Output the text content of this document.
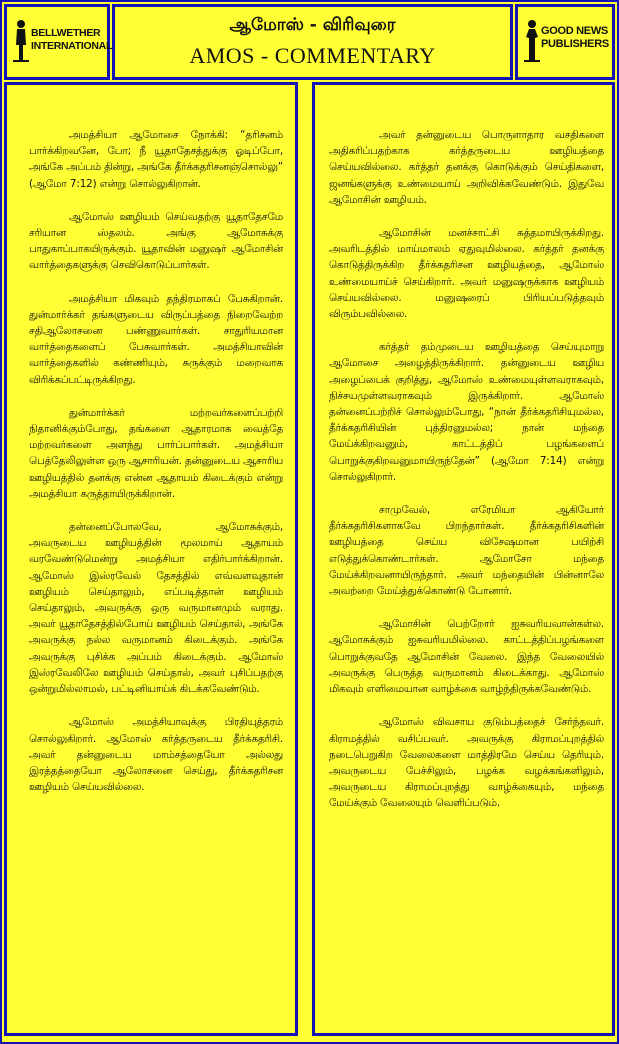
BELLWETHER INTERNATIONAL
ஆமோஸ் - விரிவுரை
AMOS - COMMENTARY
GOOD NEWS PUBLISHERS

அமத்சியா ஆமோசை நோக்கி: “தரிசனம் பார்க்கிறவனே, போ; நீ யூதாதேசத்துக்கு ஓடிப்போ, அங்கே அப்பம் தின்று, அங்கே தீர்க்கதரிசனஞ்சொல்லு” (ஆமோ 7:12) என்று சொல்லுகிறான்.

ஆமோஸ் ஊழியம் செய்வதற்கு யூதாதேசமே சரியான ஸ்தலம். அங்கு ஆமோசுக்கு பாதுகாப்பாகயிருக்கும். யூதாவின் மனுஷர் ஆமோசின் வார்த்தைகளுக்கு செவிகொடுப்பார்கள்.

அமத்சியா மிகவும் தந்திரமாகப் பேசுகிறான். துன்மார்க்கர் தங்களுடைய விருப்பத்தை நிறைவேற்ற சதிஆலோசனை பண்ணுவார்கள். சாதுரியமான வார்த்தைகளைப் பேசுவார்கள். அமத்சியாவின் வார்த்தைகளில் கண்ணியும், சுருக்கும் மறைவாக விரிக்கப்பட்டிருக்கிறது.

துன்மார்க்கர் மற்றவர்களைப்பற்றி நிதானிக்கும்போது, தங்களை ஆதாரமாக வைத்தே மற்றவர்களை அளந்து பார்ப்பார்கள். அமத்சியா பெத்தேலிலுள்ள ஒரு ஆசாரியன். தன்னுடைய ஆசாரிய ஊழியத்தில் தனக்கு என்ன ஆதாயம் கிடைக்கும் என்று அமத்சியா கருத்தாயிருக்கிறான்.

தன்னைப்போலவே, ஆமோசுக்கும், அவருடைய ஊழியத்தின் மூலமாய் ஆதாயம் வரவேண்டுமென்று அமத்சியா எதிர்பார்க்கிறான். ஆமோஸ் இஸ்ரவேல் தேசத்தில் எவ்வளவுதான் ஊழியம் செய்தாலும், எப்படித்தான் ஊழியம் செய்தாலும், அவருக்கு ஒரு வருமானமும் வராது. அவர் யூதாதேசத்தில்போய் ஊழியம் செய்தால், அங்கே அவருக்கு நல்ல வருமானம் கிடைக்கும். அங்கே அவருக்கு புசிக்க அப்பம் கிடைக்கும். ஆமோஸ் இஸ்ரவேலிலே ஊழியம் செய்தால், அவர் புசிப்பதற்கு ஒன்றுமில்லாமல், பட்டினியாய்க் கிடக்கவேண்டும்.

ஆமோஸ் அமத்சியாவுக்கு பிரதியுத்தரம் சொல்லுகிறார். ஆமோஸ் கர்த்தருடைய தீர்க்கதரிசி. அவர் தன்னுடைய மாம்சத்தையோ அல்லது இரத்தத்தையோ ஆலோசனை செய்து, தீர்க்கதரிசன ஊழியம் செய்யவில்லை.

அவர் தன்னுடைய பொருளாதார வசதிகளை அதிகரிப்பதற்காக கர்த்தருடைய ஊழியத்தை செய்யவில்லை. கர்த்தர் தனக்கு கொடுக்கும் செய்திகளை, ஜனங்களுக்கு உண்மையாய் அறிவிக்கவேண்டும். இதுவே ஆமோசின் ஊழியம்.

ஆமோசின் மனச்சாட்சி சுத்தமாயிருக்கிறது. அவரிடத்தில் மாய்மாலம் ஏதுவுமில்லை. கர்த்தர் தனக்கு கொடுத்திருக்கிற தீர்க்கதரிசன ஊழியத்தை, ஆமோஸ் உண்மையாய்ச் செய்கிறார். அவர் மனுஷருக்காக ஊழியம் செய்யவில்லை. மனுஷரைப் பிரியப்படுத்தவும் விரும்பவில்லை.

கர்த்தர் தம்முடைய ஊழியத்தை செய்யுமாறு ஆமோசை அழைத்திருக்கிறார். தன்னுடைய ஊழிய அழைப்பைக் குறித்து, ஆமோஸ் உண்மையுள்ளவராகவும், நிச்சயமுள்ளவராகவும் இருக்கிறார். ஆமோஸ் தன்னைப்பற்றிச் சொல்லும்போது, “நான் தீர்க்கதரிசியுமல்ல, தீர்க்கதரிசியின் புத்திரனுமல்ல; நான் மந்தை மேய்க்கிறவனும், காட்டத்திப் பழங்களைப் பொறுக்குகிறவனுமாயிருந்தேன்” (ஆமோ 7:14) என்று சொல்லுகிறார்.

சாமுவேல், எரேமியா ஆகியோர் தீர்க்கதரிசிகளாகவே பிறந்தார்கள். தீர்க்கதரிசிகளின் ஊழியத்தை செய்ய விசேஷமான பயிற்சி எடுத்துக்கொண்டார்கள். ஆமோசோ மந்தை மேய்க்கிறவனாயிருந்தார். அவர் மந்தையின் பின்னாலே அவற்றை மேய்த்துக்கொண்டு போனார்.

ஆமோசின் பெற்றோர் ஐசுவரியவான்கள்ல. ஆமோசுக்கும் ஐசுவரியமில்லை. காட்டத்திப்பழங்களை பொறுக்குவதே ஆமோசின் வேலை. இந்த வேலையில் அவருக்கு பெருத்த வருமானம் கிடைக்காது. ஆமோஸ் மிகவும் எளிமையான வாழ்க்கை வாழ்ந்திருக்கவேண்டும்.

ஆமோஸ் விவசாய குடும்பத்தைச் சேர்ந்தவர். கிராமத்தில் வசிப்பவர். அவருக்கு கிராமப்புறத்தில் நடைபெறுகிற வேலைகளை மாத்திரமே செய்ய தெரியும். அவருடைய பேச்சிலும், பழக்க வழக்கங்களிலும், அவருடைய கிராமப்புறத்து வாழ்க்கையும், மந்தை மேய்க்கும் வேலையும் வெளிப்படும்.
